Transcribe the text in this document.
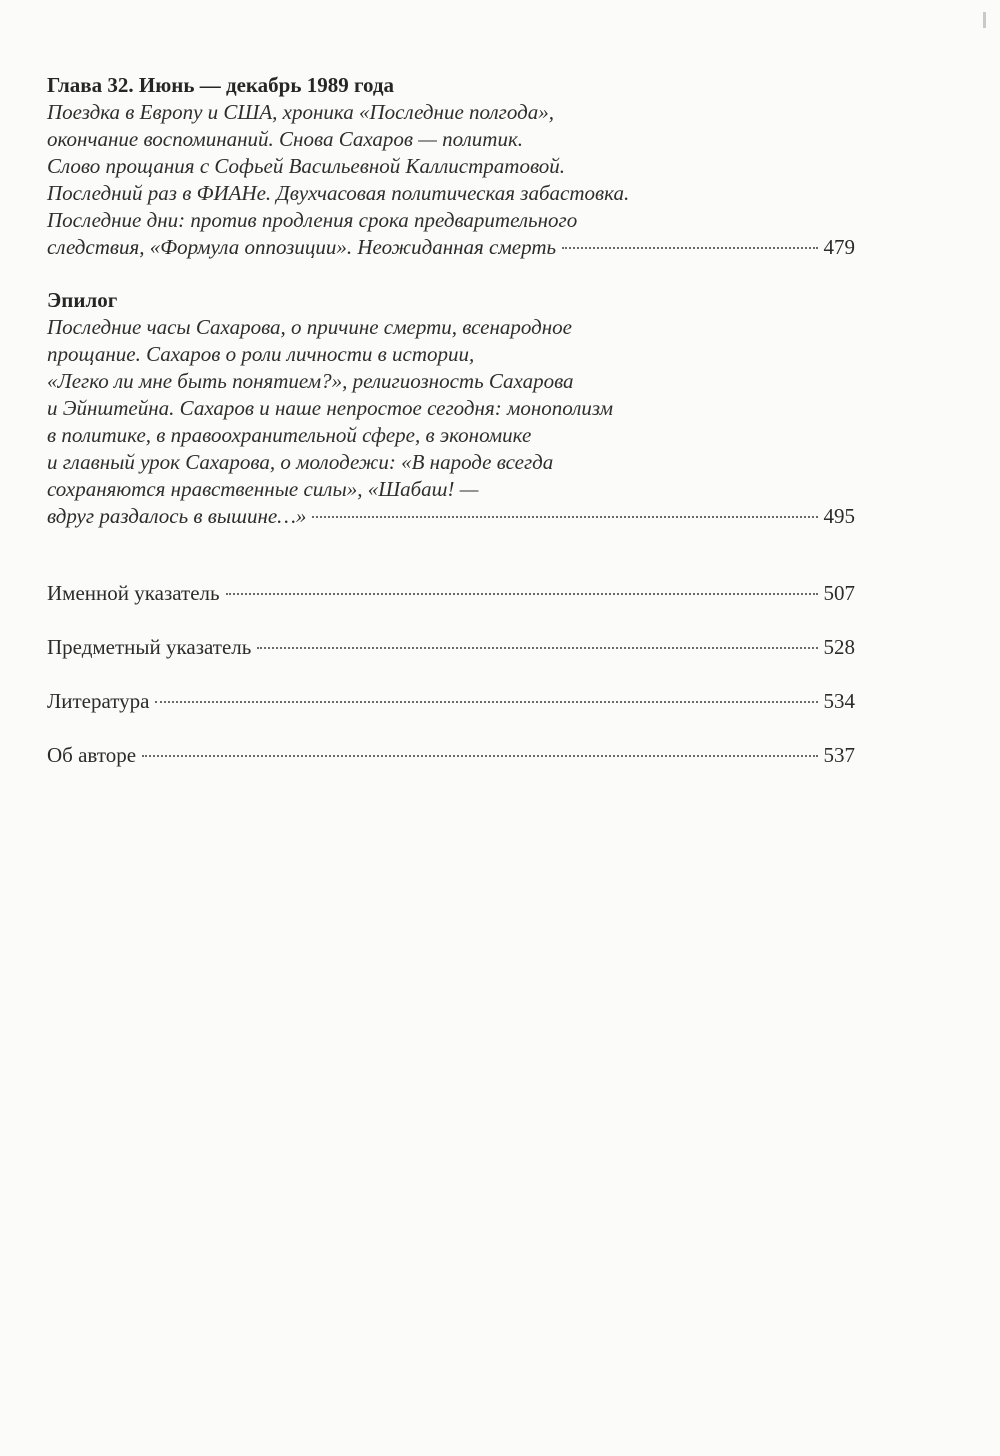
Глава 32. Июнь — декабрь 1989 года
Поездка в Европу и США, хроника «Последние полгода»,
окончание воспоминаний. Снова Сахаров — политик.
Слово прощания с Софьей Васильевной Каллистратовой.
Последний раз в ФИАНе. Двухчасовая политическая забастовка.
Последние дни: против продления срока предварительного
следствия, «Формула оппозиции». Неожиданная смерть	479
Эпилог
Последние часы Сахарова, о причине смерти, всенародное
прощание. Сахаров о роли личности в истории,
«Легко ли мне быть понятием?», религиозность Сахарова
и Эйнштейна. Сахаров и наше непростое сегодня: монополизм
в политике, в правоохранительной сфере, в экономике
и главный урок Сахарова, о молодежи: «В народе всегда
сохраняются нравственные силы», «Шабаш! —
вдруг раздалось в вышине…»	495
Именной указатель	507
Предметный указатель	528
Литература	534
Об авторе	537
